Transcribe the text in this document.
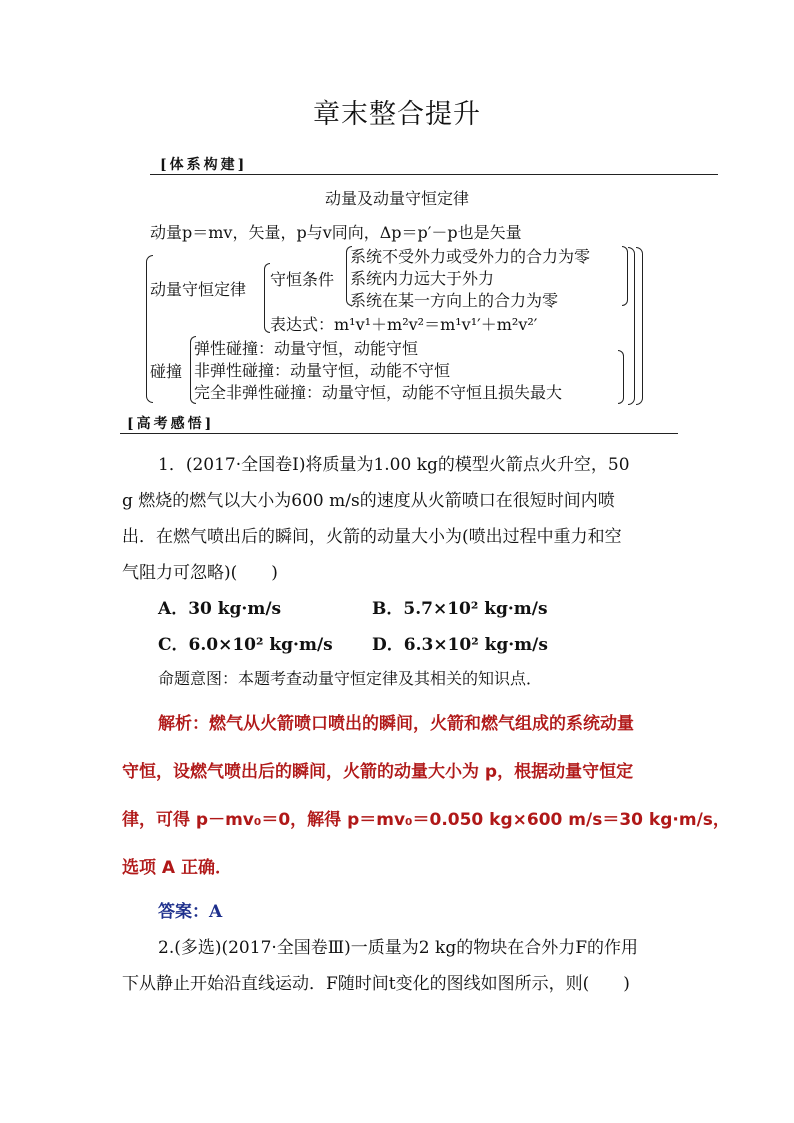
章末整合提升
[体系构建]
动量及动量守恒定律
动量p＝mv，矢量，p与v同向，Δp＝p′－p也是矢量
动量守恒定律
守恒条件
系统不受外力或受外力的合力为零
系统内力远大于外力
系统在某一方向上的合力为零
表达式：m¹v¹＋m²v²＝m¹v¹′＋m²v²′
碰撞
弹性碰撞：动量守恒，动能守恒
非弹性碰撞：动量守恒，动能不守恒
完全非弹性碰撞：动量守恒，动能不守恒且损失最大
[高考感悟]
1．(2017·全国卷Ⅰ)将质量为1.00 kg的模型火箭点火升空，50
g 燃烧的燃气以大小为600 m/s的速度从火箭喷口在很短时间内喷
出．在燃气喷出后的瞬间，火箭的动量大小为(喷出过程中重力和空
气阻力可忽略)(　　)
A．30 kg·m/s	B．5.7×10² kg·m/s
C．6.0×10² kg·m/s D．6.3×10² kg·m/s
命题意图：本题考查动量守恒定律及其相关的知识点．
解析：燃气从火箭喷口喷出的瞬间，火箭和燃气组成的系统动量
守恒，设燃气喷出后的瞬间，火箭的动量大小为 p，根据动量守恒定
律，可得 p－mv₀＝0，解得 p＝mv₀＝0.050 kg×600 m/s＝30 kg·m/s，
选项 A 正确．
答案：A
2.(多选)(2017·全国卷Ⅲ)一质量为2 kg的物块在合外力F的作用
下从静止开始沿直线运动．F随时间t变化的图线如图所示，则(　　)
